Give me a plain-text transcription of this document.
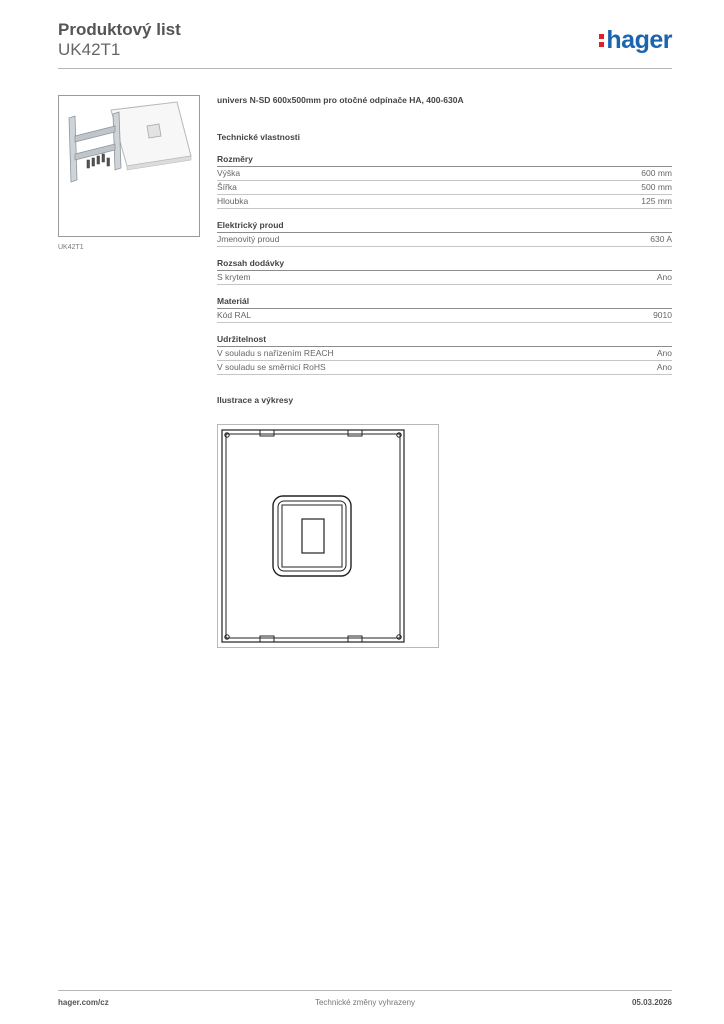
Produktový list
UK42T1	hager
UK42T1
univers N-SD 600x500mm pro otočné odpínače HA, 400-630A
Technické vlastnosti
Rozměry
Výška	600 mm
Šířka	500 mm
Hloubka	125 mm
Elektrický proud
Jmenovitý proud	630 A
Rozsah dodávky
S krytem	Ano
Materiál
Kód RAL	9010
Udržitelnost
V souladu s nařízením REACH	Ano
V souladu se směrnicí RoHS	Ano
Ilustrace a výkresy
Technické změny vyhrazeny
hager.com/cz	05.03.2026
